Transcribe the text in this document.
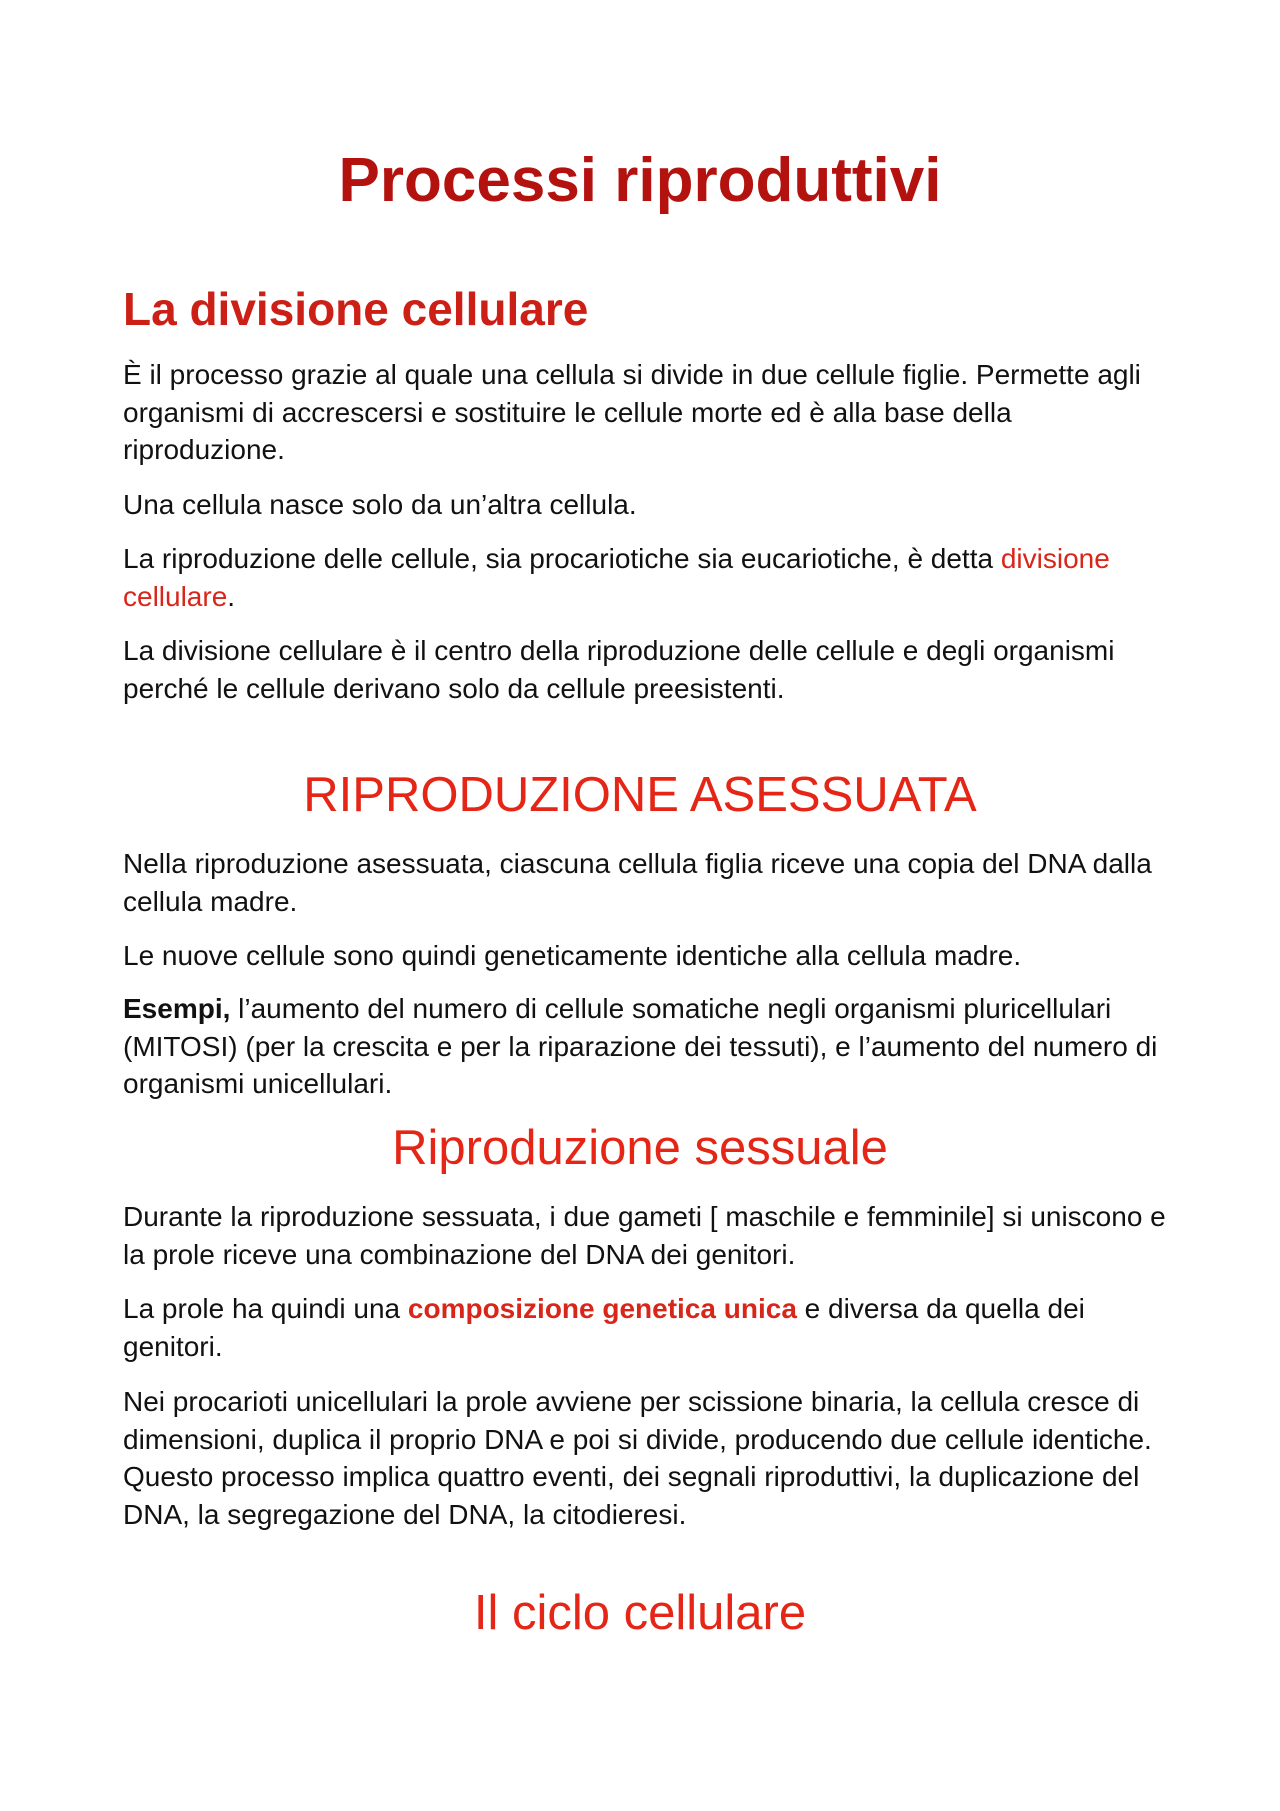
Processi riproduttivi
La divisione cellulare

È il processo grazie al quale una cellula si divide in due cellule figlie. Permette agli organismi di accrescersi e sostituire le cellule morte ed è alla base della riproduzione.

Una cellula nasce solo da un’altra cellula.

La riproduzione delle cellule, sia procariotiche sia eucariotiche, è detta divisione cellulare.

La divisione cellulare è il centro della riproduzione delle cellule e degli organismi perché le cellule derivano solo da cellule preesistenti.

RIPRODUZIONE ASESSUATA

Nella riproduzione asessuata, ciascuna cellula figlia riceve una copia del DNA dalla cellula madre.

Le nuove cellule sono quindi geneticamente identiche alla cellula madre.

Esempi, l’aumento del numero di cellule somatiche negli organismi pluricellulari (MITOSI) (per la crescita e per la riparazione dei tessuti), e l’aumento del numero di organismi unicellulari.

Riproduzione sessuale

Durante la riproduzione sessuata, i due gameti [ maschile e femminile] si uniscono e la prole riceve una combinazione del DNA dei genitori.

La prole ha quindi una composizione genetica unica e diversa da quella dei genitori.

Nei procarioti unicellulari la prole avviene per scissione binaria, la cellula cresce di dimensioni, duplica il proprio DNA e poi si divide, producendo due cellule identiche. Questo processo implica quattro eventi, dei segnali riproduttivi, la duplicazione del DNA, la segregazione del DNA, la citodieresi.

Il ciclo cellulare
